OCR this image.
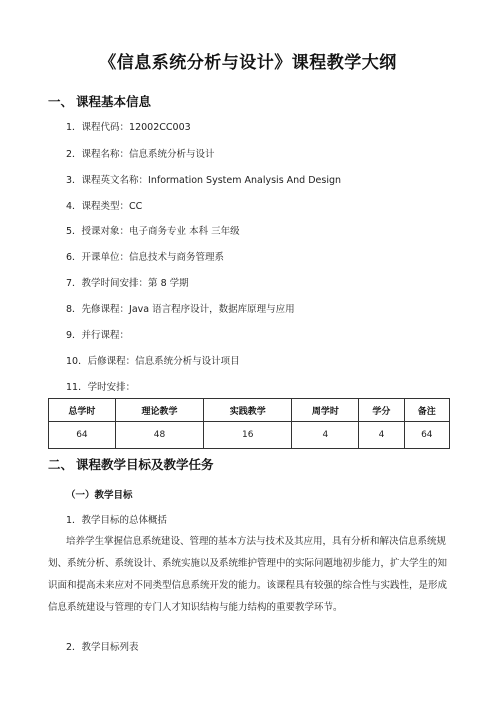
《信息系统分析与设计》课程教学大纲
一、 课程基本信息
1．课程代码：12002CC003
2．课程名称：信息系统分析与设计
3．课程英文名称：Information System Analysis And Design
4．课程类型：CC
5．授课对象：电子商务专业 本科 三年级
6．开课单位：信息技术与商务管理系
7．教学时间安排：第 8 学期
8．先修课程：Java 语言程序设计，数据库原理与应用
9．并行课程：
10．后修课程：信息系统分析与设计项目
11．学时安排：
总学时	理论教学	实践教学	周学时	学分	备注
64	48	16	4	4	64
二、 课程教学目标及教学任务
（一）教学目标
1．教学目标的总体概括
培养学生掌握信息系统建设、管理的基本方法与技术及其应用，具有分析和解决信息系统规划、系统分析、系统设计、系统实施以及系统维护管理中的实际问题地初步能力，扩大学生的知识面和提高未来应对不同类型信息系统开发的能力。该课程具有较强的综合性与实践性，是形成信息系统建设与管理的专门人才知识结构与能力结构的重要教学环节。
2．教学目标列表
